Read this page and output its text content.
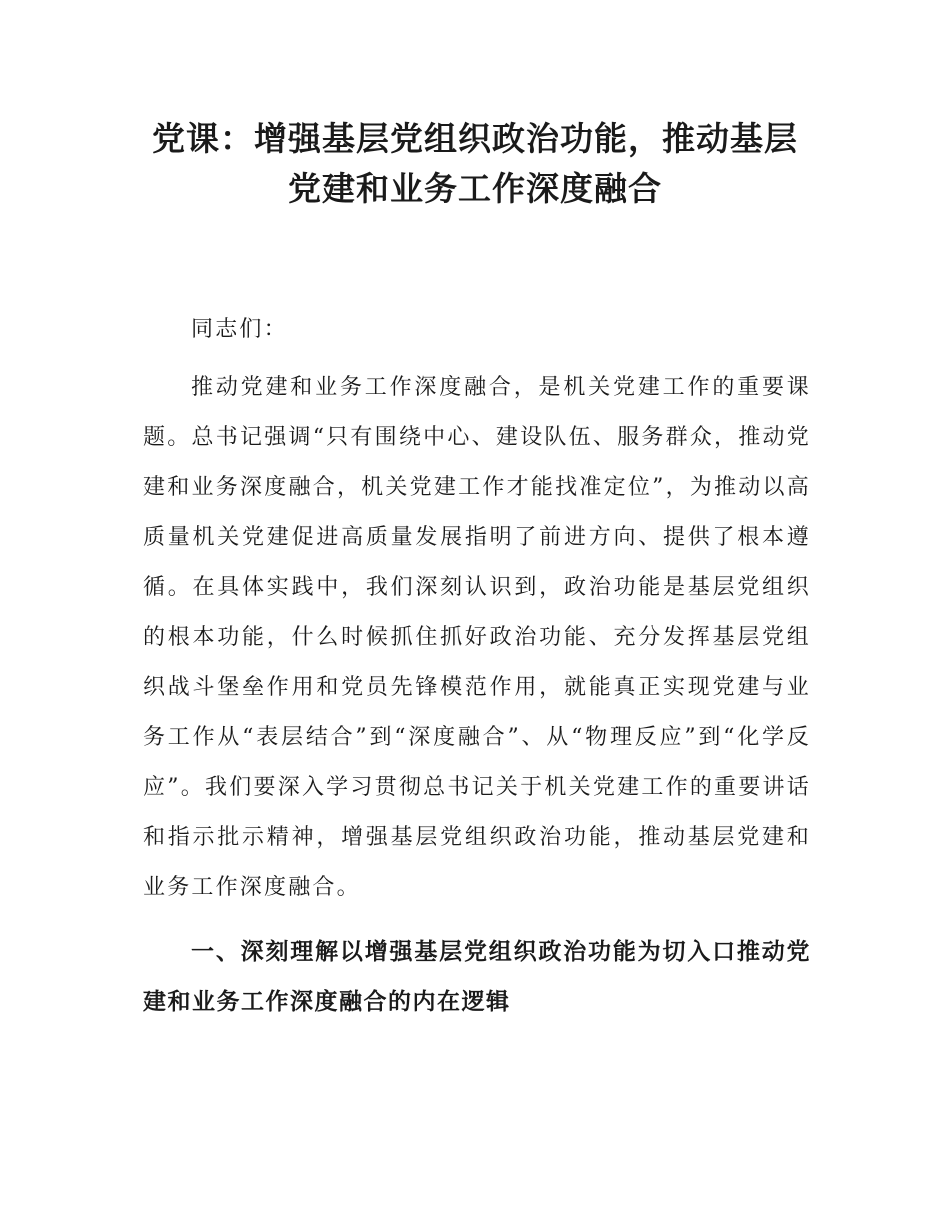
党课：增强基层党组织政治功能，推动基层
党建和业务工作深度融合

同志们：

推动党建和业务工作深度融合，是机关党建工作的重要课题。总书记强调“只有围绕中心、建设队伍、服务群众，推动党建和业务深度融合，机关党建工作才能找准定位”，为推动以高质量机关党建促进高质量发展指明了前进方向、提供了根本遵循。在具体实践中，我们深刻认识到，政治功能是基层党组织的根本功能，什么时候抓住抓好政治功能、充分发挥基层党组织战斗堡垒作用和党员先锋模范作用，就能真正实现党建与业务工作从“表层结合”到“深度融合”、从“物理反应”到“化学反应”。我们要深入学习贯彻总书记关于机关党建工作的重要讲话和指示批示精神，增强基层党组织政治功能，推动基层党建和业务工作深度融合。

一、深刻理解以增强基层党组织政治功能为切入口推动党建和业务工作深度融合的内在逻辑
